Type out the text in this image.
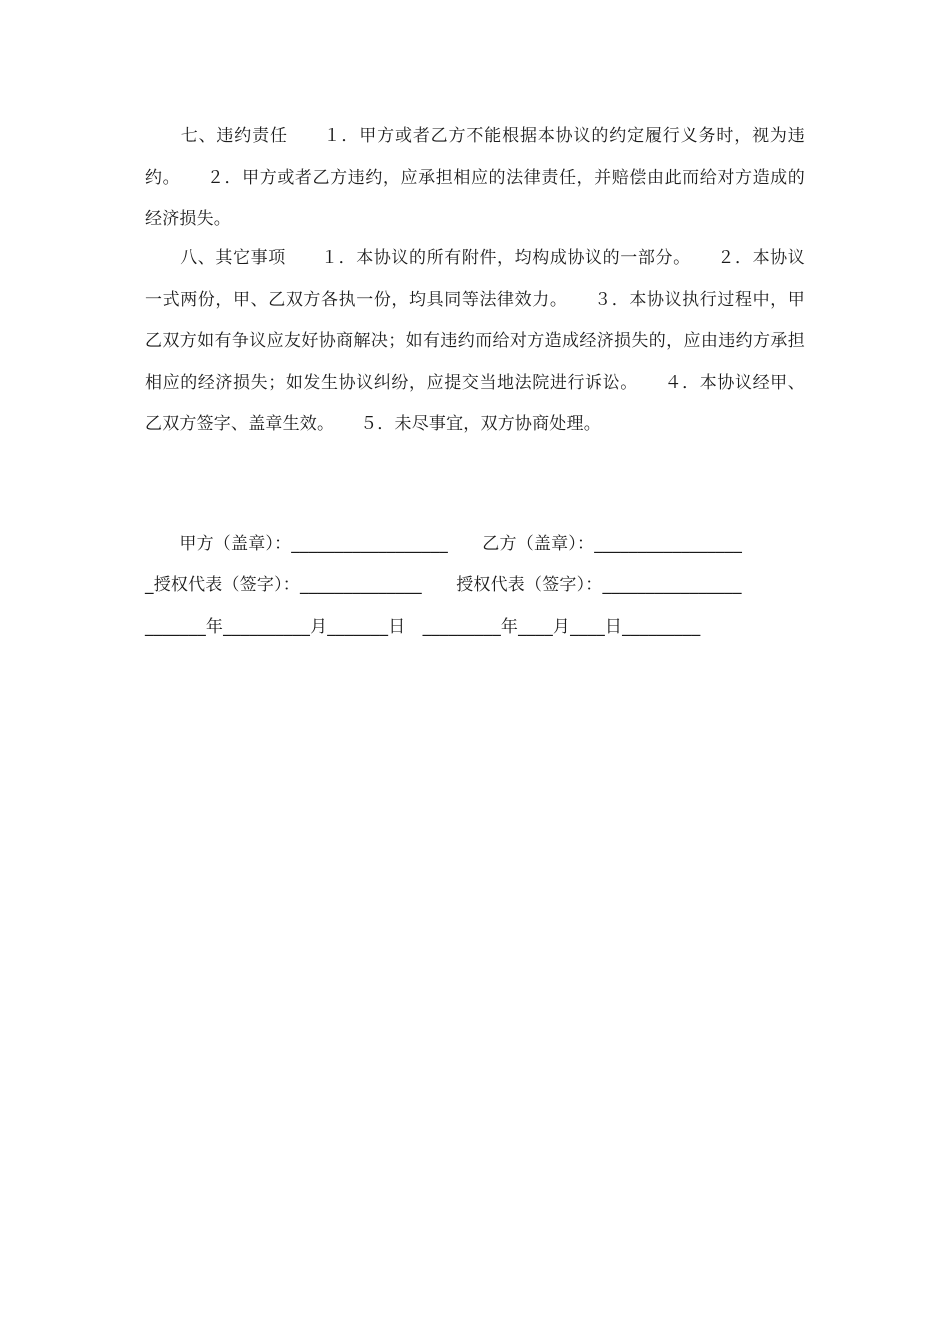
　　七、违约责任　　１．甲方或者乙方不能根据本协议的约定履行义务时，视为违约。　　２．甲方或者乙方违约，应承担相应的法律责任，并赔偿由此而给对方造成的经济损失。
　　八、其它事项　　１．本协议的所有附件，均构成协议的一部分。　　２．本协议一式两份，甲、乙双方各执一份，均具同等法律效力。　　３．本协议执行过程中，甲乙双方如有争议应友好协商解决；如有违约而给对方造成经济损失的，应由违约方承担相应的经济损失；如发生协议纠纷，应提交当地法院进行诉讼。　　４．本协议经甲、乙双方签字、盖章生效。　　５．未尽事宜，双方协商处理。
　　甲方（盖章）：__________________　　乙方（盖章）：_________________
_授权代表（签字）：______________　　授权代表（签字）：________________
_______年__________月_______日　_________年____月____日_________
